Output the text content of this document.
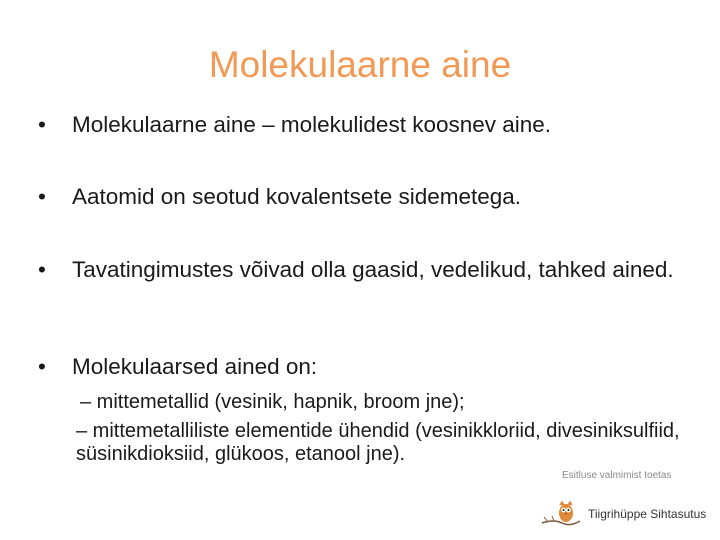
Molekulaarne aine
•	Molekulaarne aine – molekulidest koosnev aine.
•	Aatomid on seotud kovalentsete sidemetega.
•	Tavatingimustes võivad olla gaasid, vedelikud, tahked ained.
•	Molekulaarsed ained on:
– mittemetallid (vesinik, hapnik, broom jne);
– mittemetalliliste elementide ühendid (vesinikkloriid, divesiniksulfiid, süsinikdioksiid, glükoos, etanool jne).
Esitluse valmimist toetas
Tiigrihüppe Sihtasutus
